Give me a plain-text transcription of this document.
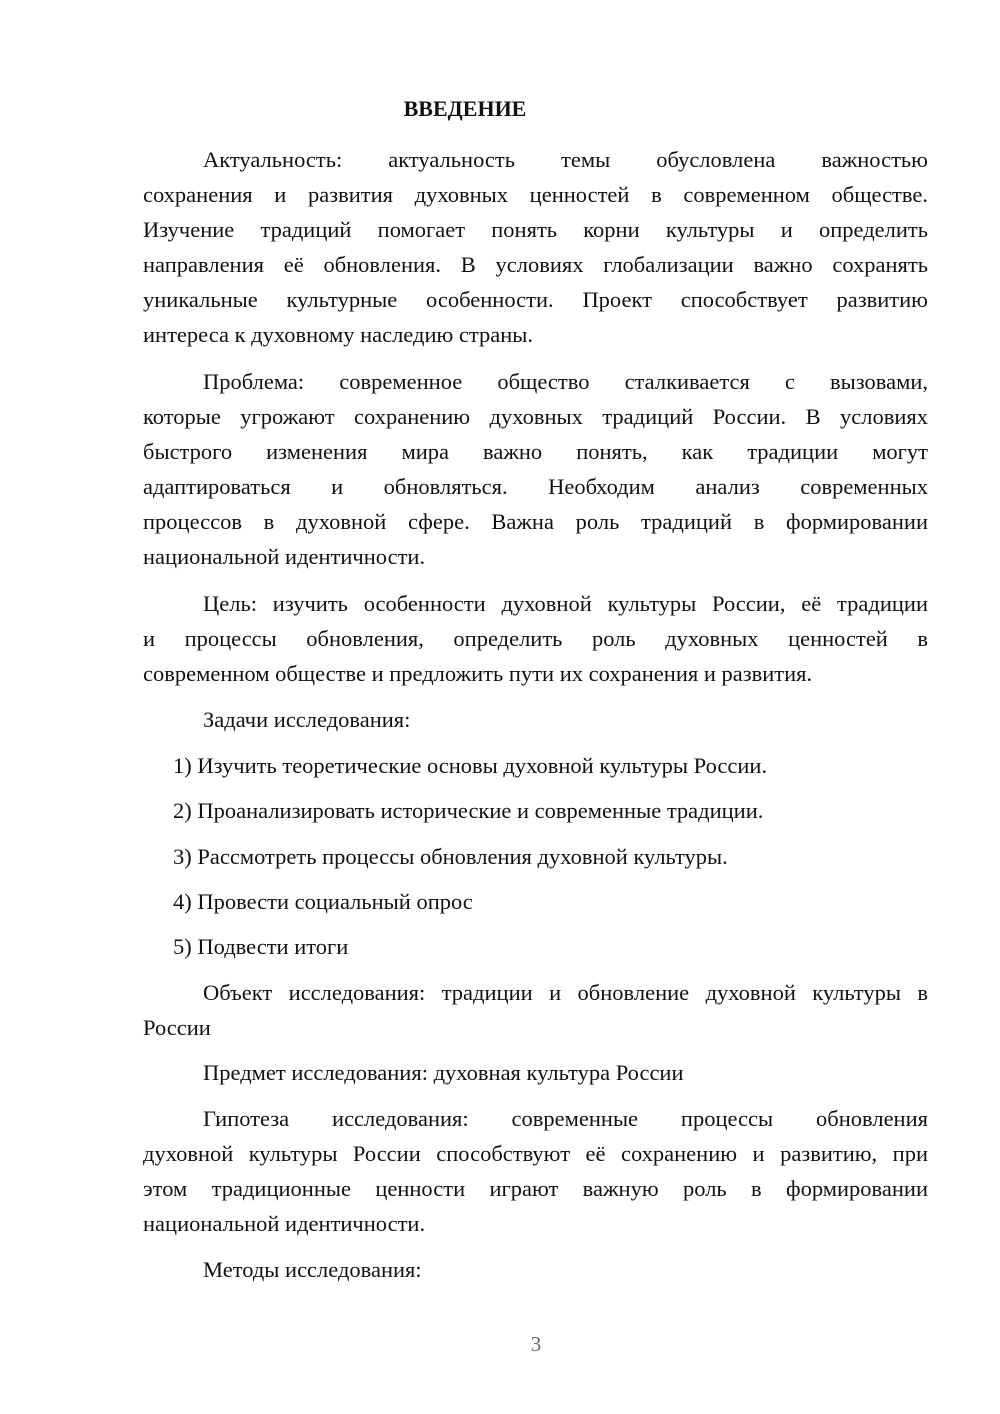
ВВЕДЕНИЕ
Актуальность: актуальность темы обусловлена важностью
сохранения и развития духовных ценностей в современном обществе.
Изучение традиций помогает понять корни культуры и определить
направления её обновления. В условиях глобализации важно сохранять
уникальные культурные особенности. Проект способствует развитию
интереса к духовному наследию страны.
Проблема: современное общество сталкивается с вызовами,
которые угрожают сохранению духовных традиций России. В условиях
быстрого изменения мира важно понять, как традиции могут
адаптироваться и обновляться. Необходим анализ современных
процессов в духовной сфере. Важна роль традиций в формировании
национальной идентичности.
Цель: изучить особенности духовной культуры России, её традиции
и процессы обновления, определить роль духовных ценностей в
современном обществе и предложить пути их сохранения и развития.
Задачи исследования:
1) Изучить теоретические основы духовной культуры России.
2) Проанализировать исторические и современные традиции.
3) Рассмотреть процессы обновления духовной культуры.
4) Провести социальный опрос
5) Подвести итоги
Объект исследования: традиции и обновление духовной культуры в
России
Предмет исследования: духовная культура России
Гипотеза исследования: современные процессы обновления
духовной культуры России способствуют её сохранению и развитию, при
этом традиционные ценности играют важную роль в формировании
национальной идентичности.
Методы исследования:
3
